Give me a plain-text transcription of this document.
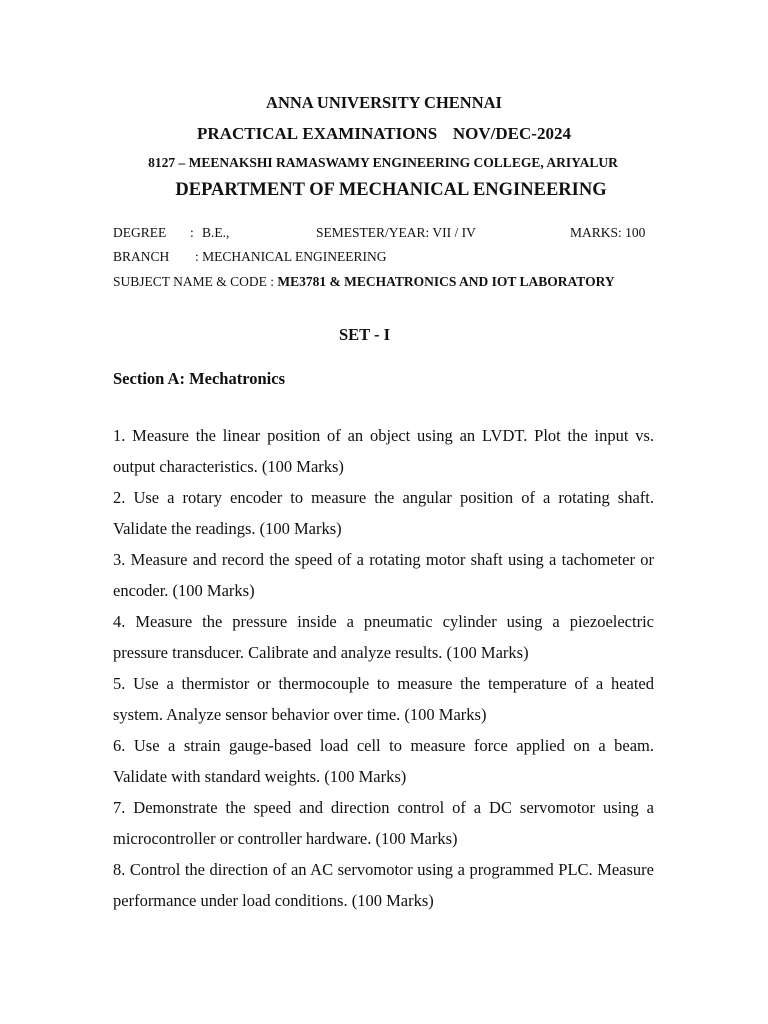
ANNA UNIVERSITY CHENNAI
PRACTICAL EXAMINATIONS   NOV/DEC-2024
8127 – MEENAKSHI RAMASWAMY ENGINEERING COLLEGE, ARIYALUR
DEPARTMENT OF MECHANICAL ENGINEERING
DEGREE : B.E.,	SEMESTER/YEAR: VII / IV	MARKS: 100
BRANCH : MECHANICAL ENGINEERING
SUBJECT NAME & CODE : ME3781 & MECHATRONICS AND IOT LABORATORY
SET - I
Section A: Mechatronics

1. Measure the linear position of an object using an LVDT. Plot the input vs. output characteristics. (100 Marks)

2. Use a rotary encoder to measure the angular position of a rotating shaft. Validate the readings. (100 Marks)

3. Measure and record the speed of a rotating motor shaft using a tachometer or encoder. (100 Marks)

4. Measure the pressure inside a pneumatic cylinder using a piezoelectric pressure transducer. Calibrate and analyze results. (100 Marks)

5. Use a thermistor or thermocouple to measure the temperature of a heated system. Analyze sensor behavior over time. (100 Marks)

6. Use a strain gauge-based load cell to measure force applied on a beam. Validate with standard weights. (100 Marks)

7. Demonstrate the speed and direction control of a DC servomotor using a microcontroller or controller hardware. (100 Marks)

8. Control the direction of an AC servomotor using a programmed PLC. Measure performance under load conditions. (100 Marks)
